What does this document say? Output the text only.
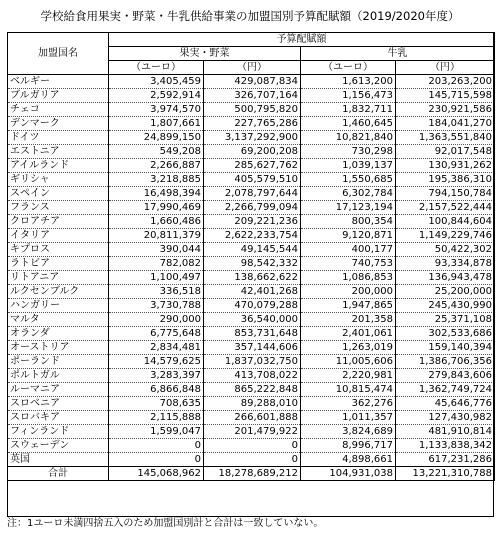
学校給食用果実・野菜・牛乳供給事業の加盟国別予算配賦額（2019/2020年度）
加盟国名	予算配賦額			
	果実・野菜		牛乳	
	（ユーロ）	（円）	（ユーロ）	（円）
ベルギー	3,405,459	429,087,834	1,613,200	203,263,200
ブルガリア	2,592,914	326,707,164	1,156,473	145,715,598
チェコ	3,974,570	500,795,820	1,832,711	230,921,586
デンマーク	1,807,661	227,765,286	1,460,645	184,041,270
ドイツ	24,899,150	3,137,292,900	10,821,840	1,363,551,840
エストニア	549,208	69,200,208	730,298	92,017,548
アイルランド	2,266,887	285,627,762	1,039,137	130,931,262
ギリシャ	3,218,885	405,579,510	1,550,685	195,386,310
スペイン	16,498,394	2,078,797,644	6,302,784	794,150,784
フランス	17,990,469	2,266,799,094	17,123,194	2,157,522,444
クロアチア	1,660,486	209,221,236	800,354	100,844,604
イタリア	20,811,379	2,622,233,754	9,120,871	1,149,229,746
キプロス	390,044	49,145,544	400,177	50,422,302
ラトビア	782,082	98,542,332	740,753	93,334,878
リトアニア	1,100,497	138,662,622	1,086,853	136,943,478
ルクセンブルク	336,518	42,401,268	200,000	25,200,000
ハンガリー	3,730,788	470,079,288	1,947,865	245,430,990
マルタ	290,000	36,540,000	201,358	25,371,108
オランダ	6,775,648	853,731,648	2,401,061	302,533,686
オーストリア	2,834,481	357,144,606	1,263,019	159,140,394
ポーランド	14,579,625	1,837,032,750	11,005,606	1,386,706,356
ポルトガル	3,283,397	413,708,022	2,220,981	279,843,606
ルーマニア	6,866,848	865,222,848	10,815,474	1,362,749,724
スロベニア	708,635	89,288,010	362,276	45,646,776
スロバキア	2,115,888	266,601,888	1,011,357	127,430,982
フィンランド	1,599,047	201,479,922	3,824,689	481,910,814
スウェーデン	0	0	8,996,717	1,133,838,342
英国	0	0	4,898,661	617,231,286
合計	145,068,962	18,278,689,212	104,931,038	13,221,310,788
注：1ユーロ未満四捨五入のため加盟国別計と合計は一致していない。
